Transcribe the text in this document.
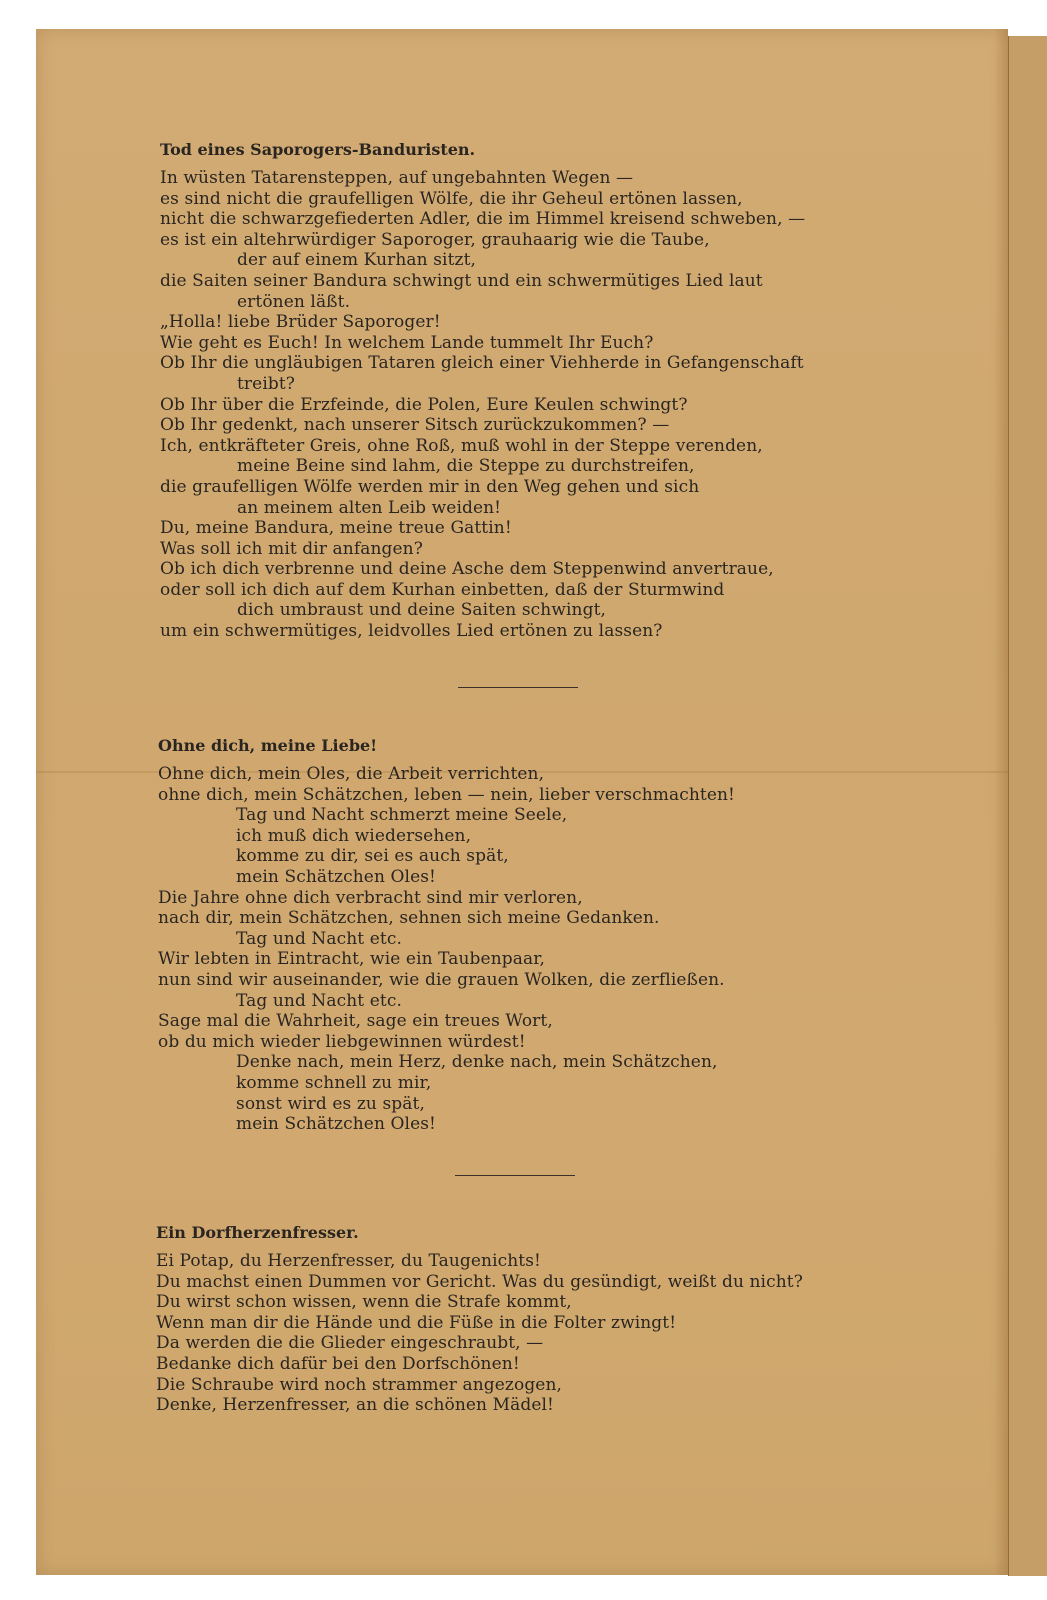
Tod eines Saporogers-Banduristen.
In wüsten Tatarensteppen, auf ungebahnten Wegen —
es sind nicht die graufelligen Wölfe, die ihr Geheul ertönen lassen,
nicht die schwarzgefiederten Adler, die im Himmel kreisend schweben, —
es ist ein altehrwürdiger Saporoger, grauhaarig wie die Taube,
der auf einem Kurhan sitzt,
die Saiten seiner Bandura schwingt und ein schwermütiges Lied laut
ertönen läßt.
„Holla! liebe Brüder Saporoger!
Wie geht es Euch! In welchem Lande tummelt Ihr Euch?
Ob Ihr die ungläubigen Tataren gleich einer Viehherde in Gefangenschaft
treibt?
Ob Ihr über die Erzfeinde, die Polen, Eure Keulen schwingt?
Ob Ihr gedenkt, nach unserer Sitsch zurückzukommen? —
Ich, entkräfteter Greis, ohne Roß, muß wohl in der Steppe verenden,
meine Beine sind lahm, die Steppe zu durchstreifen,
die graufelligen Wölfe werden mir in den Weg gehen und sich
an meinem alten Leib weiden!
Du, meine Bandura, meine treue Gattin!
Was soll ich mit dir anfangen?
Ob ich dich verbrenne und deine Asche dem Steppenwind anvertraue,
oder soll ich dich auf dem Kurhan einbetten, daß der Sturmwind
dich umbraust und deine Saiten schwingt,
um ein schwermütiges, leidvolles Lied ertönen zu lassen?
Ohne dich, meine Liebe!
Ohne dich, mein Oles, die Arbeit verrichten,
ohne dich, mein Schätzchen, leben — nein, lieber verschmachten!
Tag und Nacht schmerzt meine Seele,
ich muß dich wiedersehen,
komme zu dir, sei es auch spät,
mein Schätzchen Oles!
Die Jahre ohne dich verbracht sind mir verloren,
nach dir, mein Schätzchen, sehnen sich meine Gedanken.
Tag und Nacht etc.
Wir lebten in Eintracht, wie ein Taubenpaar,
nun sind wir auseinander, wie die grauen Wolken, die zerfließen.
Tag und Nacht etc.
Sage mal die Wahrheit, sage ein treues Wort,
ob du mich wieder liebgewinnen würdest!
Denke nach, mein Herz, denke nach, mein Schätzchen,
komme schnell zu mir,
sonst wird es zu spät,
mein Schätzchen Oles!
Ein Dorfherzenfresser.
Ei Potap, du Herzenfresser, du Taugenichts!
Du machst einen Dummen vor Gericht. Was du gesündigt, weißt du nicht?
Du wirst schon wissen, wenn die Strafe kommt,
Wenn man dir die Hände und die Füße in die Folter zwingt!
Da werden die die Glieder eingeschraubt, —
Bedanke dich dafür bei den Dorfschönen!
Die Schraube wird noch strammer angezogen,
Denke, Herzenfresser, an die schönen Mädel!
